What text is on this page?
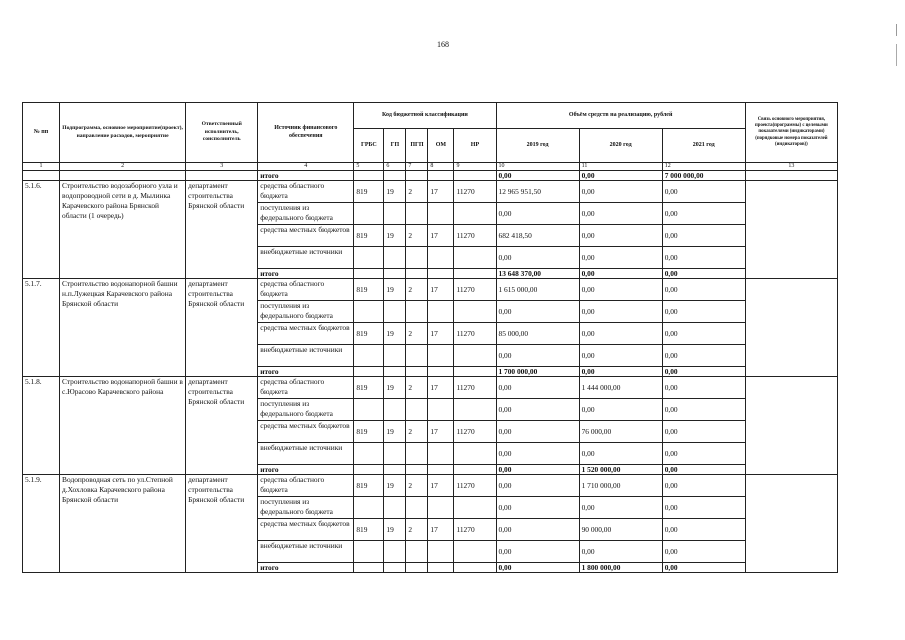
168
№ пп	Подпрограмма, основное мероприятие(проект), направление расходов, мероприятие	Ответственный исполнитель, соисполнитель	Источник финансового обеспечения	Код бюджетной классификации					Объём средств на реализацию, рублей			Связь основного мероприятия, проекта(программы) с целевыми показателями (индикаторами) (порядковые номера показателей (индикаторов))
				ГРБС	ГП	ПГП	ОМ	НР	2019 год	2020 год	2021 год	
1	2	3	4	5	6	7	8	9	10	11	12	13
			итого						0,00	0,00	7 000 000,00	
5.1.6.	Строительство водозаборного узла и водопроводной сети в д. Мылинка Карачевского района Брянской области (1 очередь)	департамент строительства Брянской области	средства областного бюджета	819	19	2	17	11270	12 965 951,50	0,00	0,00	
			поступления из федерального бюджета						0,00	0,00	0,00	
			средства местных бюджетов	819	19	2	17	11270	682 418,50	0,00	0,00	
			внебюджетные источники						0,00	0,00	0,00	
			итого						13 648 370,00	0,00	0,00	
5.1.7.	Строительство водонапорной башни н.п.Лужецкая Карачевского района Брянской области	департамент строительства Брянской области	средства областного бюджета	819	19	2	17	11270	1 615 000,00	0,00	0,00	
			поступления из федерального бюджета						0,00	0,00	0,00	
			средства местных бюджетов	819	19	2	17	11270	85 000,00	0,00	0,00	
			внебюджетные источники						0,00	0,00	0,00	
			итого						1 700 000,00	0,00	0,00	
5.1.8.	Строительство водонапорной башни в с.Юрасово Карачевского района	департамент строительства Брянской области	средства областного бюджета	819	19	2	17	11270	0,00	1 444 000,00	0,00	
			поступления из федерального бюджета						0,00	0,00	0,00	
			средства местных бюджетов	819	19	2	17	11270	0,00	76 000,00	0,00	
			внебюджетные источники						0,00	0,00	0,00	
			итого						0,00	1 520 000,00	0,00	
5.1.9.	Водопроводная сеть по ул.Степной д.Хохловка Карачевского района Брянской области	департамент строительства Брянской области	средства областного бюджета	819	19	2	17	11270	0,00	1 710 000,00	0,00	
			поступления из федерального бюджета						0,00	0,00	0,00	
			средства местных бюджетов	819	19	2	17	11270	0,00	90 000,00	0,00	
			внебюджетные источники						0,00	0,00	0,00	
			итого						0,00	1 800 000,00	0,00	
